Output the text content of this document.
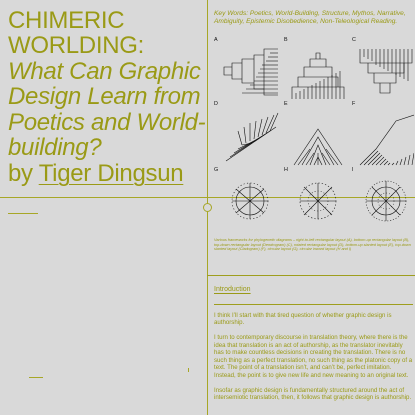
CHIMERIC WORLDING:
What Can Graphic Design Learn from Poetics and World-building?
by Tiger Dingsun
Key Words: Poetics, World-Building, Structure, Mythos, Narrative, Ambiguity, Epistemic Disobedience, Non-Teleological Reading.
A	B	C
D	E	F
G	H	I
Various frameworks for phylogenetic diagrams – right-to-left rectangular layout (A), bottom-up rectangular layout (B), top-down rectangular layout (Dendrogram) (C), rotated rectangular layout (D), bottom-up slanted layout (E), top-down slanted layout (Cladogram) (F), circular layout (G), circular inward layout (H and I)
Introduction

I think I’ll start with that tired question of whether graphic design is authorship.

I turn to contemporary discourse in translation theory, where there is the idea that translation is an act of authorship, as the translator inevitably has to make countless decisions in creating the translation. There is no such thing as a perfect translation, no such thing as the platonic copy of a text. The point of a translation isn’t, and can’t be, perfect imitation. Instead, the point is to give new life and new meaning to an original text.

Insofar as graphic design is fundamentally structured around the act of intersemiotic translation, then, it follows that graphic design is authorship.
